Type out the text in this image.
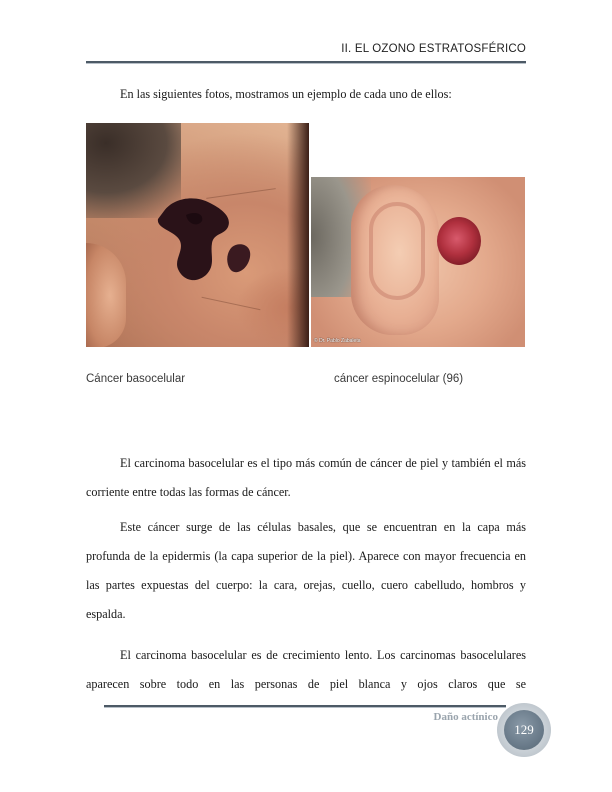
II. EL OZONO ESTRATOSFÉRICO

En las siguientes fotos, mostramos un ejemplo de cada uno de ellos:

© Dr. Pablo Zabaleta
Cáncer basocelular	cáncer espinocelular (96)

El carcinoma basocelular es el tipo más común de cáncer de piel y también el más corriente entre todas las formas de cáncer.

Este cáncer surge de las células basales, que se encuentran en la capa más profunda de la epidermis (la capa superior de la piel). Aparece con mayor frecuencia en las partes expuestas del cuerpo: la cara, orejas, cuello, cuero cabelludo, hombros y espalda.

El carcinoma basocelular es de crecimiento lento. Los carcinomas basocelulares aparecen sobre todo en las personas de piel blanca y ojos claros que se

Daño actínico
129
